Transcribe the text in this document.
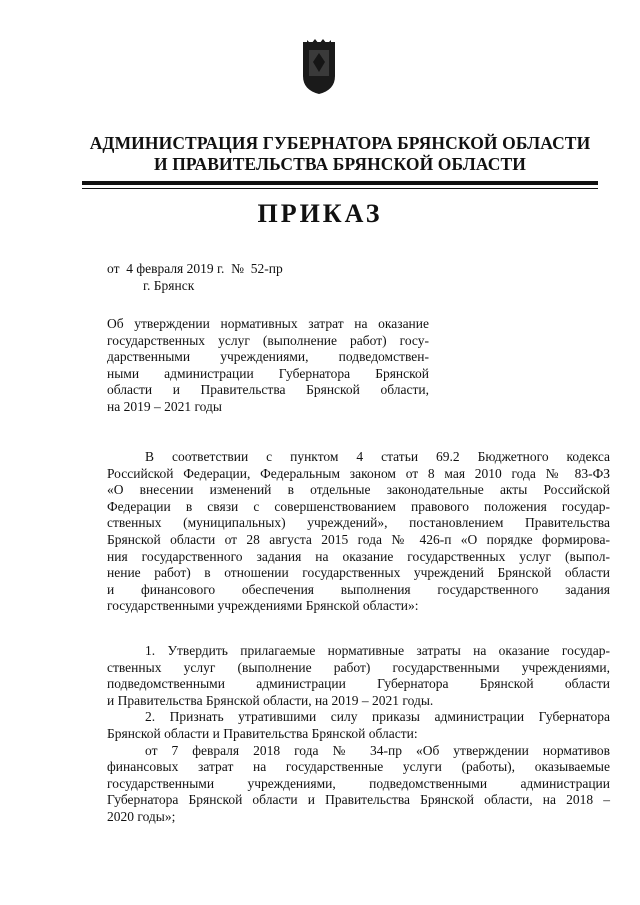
АДМИНИСТРАЦИЯ ГУБЕРНАТОРА БРЯНСКОЙ ОБЛАСТИ
И ПРАВИТЕЛЬСТВА БРЯНСКОЙ ОБЛАСТИ
ПРИКАЗ
от  4 февраля 2019 г.  №  52-пр
г. Брянск
Об утверждении нормативных затрат на оказание
государственных услуг (выполнение работ) госу-
дарственными учреждениями, подведомствен-
ными администрации Губернатора Брянской
области и Правительства Брянской области,
на 2019 – 2021 годы
В соответствии с пунктом 4 статьи 69.2 Бюджетного кодекса
Российской Федерации, Федеральным законом от 8 мая 2010 года № 83-ФЗ
«О внесении изменений в отдельные законодательные акты Российской
Федерации в связи с совершенствованием правового положения государ-
ственных (муниципальных) учреждений», постановлением Правительства
Брянской области от 28 августа 2015 года № 426-п «О порядке формирова-
ния государственного задания на оказание государственных услуг (выпол-
нение работ) в отношении государственных учреждений Брянской области
и финансового обеспечения выполнения государственного задания
государственными учреждениями Брянской области»:
1. Утвердить прилагаемые нормативные затраты на оказание государ-
ственных услуг (выполнение работ) государственными учреждениями,
подведомственными администрации Губернатора Брянской области
и Правительства Брянской области, на 2019 – 2021 годы.
2. Признать утратившими силу приказы администрации Губернатора
Брянской области и Правительства Брянской области:
от 7 февраля 2018 года № 34-пр «Об утверждении нормативов
финансовых затрат на государственные услуги (работы), оказываемые
государственными учреждениями, подведомственными администрации
Губернатора Брянской области и Правительства Брянской области, на 2018 –
2020 годы»;
